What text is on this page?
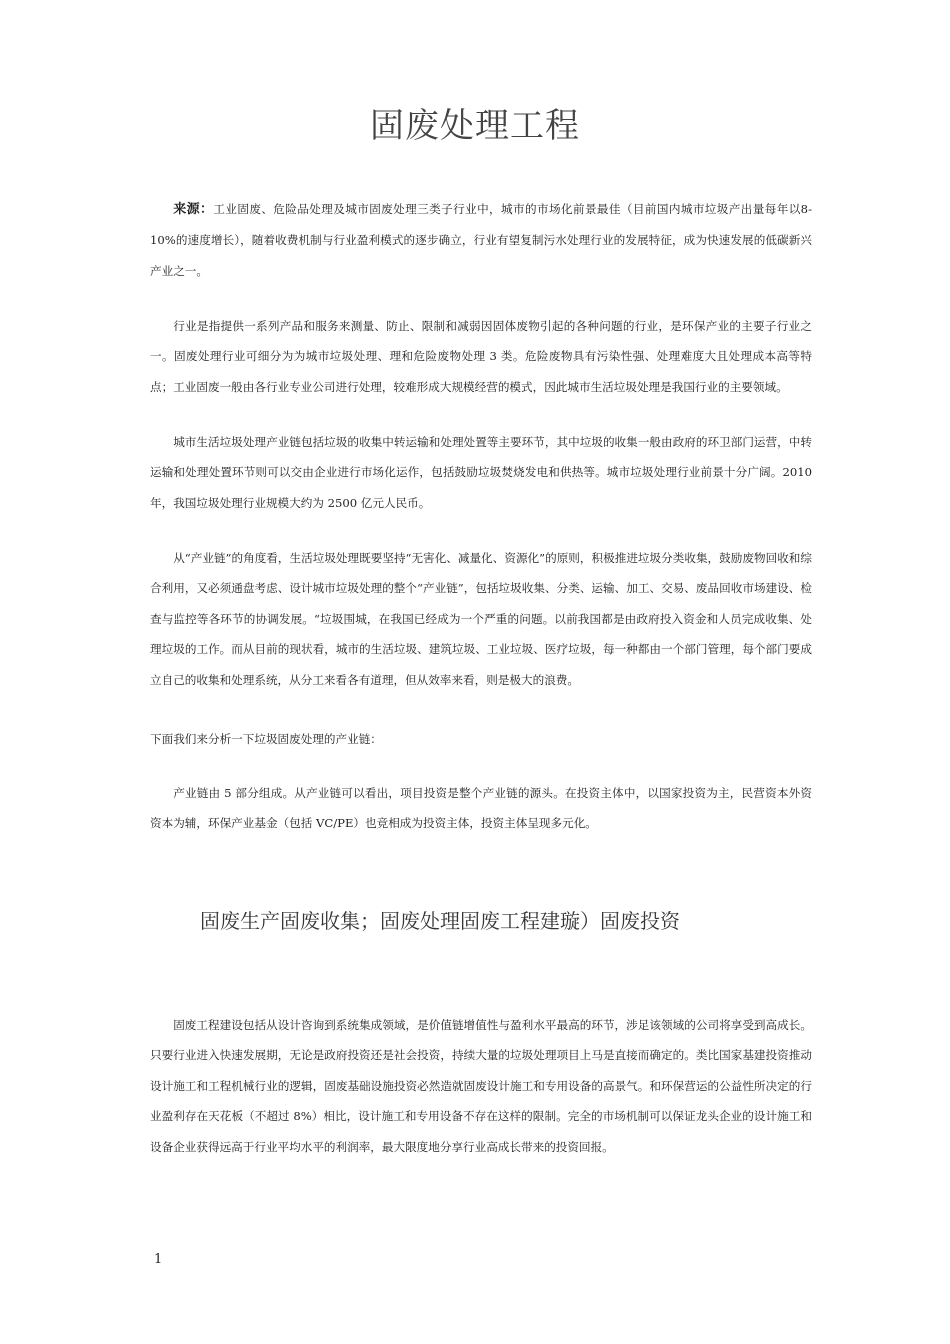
固废处理工程

来源：工业固废、危险品处理及城市固废处理三类子行业中，城市的市场化前景最佳（目前国内城市垃圾产出量每年以8-10%的速度增长），随着收费机制与行业盈利模式的逐步确立，行业有望复制污水处理行业的发展特征，成为快速发展的低碳新兴产业之一。

行业是指提供一系列产品和服务来测量、防止、限制和减弱因固体废物引起的各种问题的行业，是环保产业的主要子行业之一。固废处理行业可细分为为城市垃圾处理、理和危险废物处理 3 类。危险废物具有污染性强、处理难度大且处理成本高等特点；工业固废一般由各行业专业公司进行处理，较难形成大规模经营的模式，因此城市生活垃圾处理是我国行业的主要领域。

城市生活垃圾处理产业链包括垃圾的收集中转运输和处理处置等主要环节，其中垃圾的收集一般由政府的环卫部门运营，中转运输和处理处置环节则可以交由企业进行市场化运作，包括鼓励垃圾焚烧发电和供热等。城市垃圾处理行业前景十分广阔。2010 年，我国垃圾处理行业规模大约为 2500 亿元人民币。

从“产业链”的角度看，生活垃圾处理既要坚持“无害化、减量化、资源化”的原则，积极推进垃圾分类收集，鼓励废物回收和综合利用，又必须通盘考虑、设计城市垃圾处理的整个“产业链”，包括垃圾收集、分类、运输、加工、交易、废品回收市场建设、检查与监控等各环节的协调发展。“垃圾围城，在我国已经成为一个严重的问题。以前我国都是由政府投入资金和人员完成收集、处理垃圾的工作。而从目前的现状看，城市的生活垃圾、建筑垃圾、工业垃圾、医疗垃圾，每一种都由一个部门管理，每个部门要成立自己的收集和处理系统，从分工来看各有道理，但从效率来看，则是极大的浪费。

下面我们来分析一下垃圾固废处理的产业链：

产业链由 5 部分组成。从产业链可以看出，项目投资是整个产业链的源头。在投资主体中，以国家投资为主，民营资本外资资本为辅，环保产业基金（包括 VC/PE）也竞相成为投资主体，投资主体呈现多元化。

固废生产固废收集；固废处理固废工程建璇）固废投资

固废工程建设包括从设计咨询到系统集成领域，是价值链增值性与盈利水平最高的环节，涉足该领域的公司将享受到高成长。只要行业进入快速发展期，无论是政府投资还是社会投资，持续大量的垃圾处理项目上马是直接而确定的。类比国家基建投资推动设计施工和工程机械行业的逻辑，固废基础设施投资必然造就固废设计施工和专用设备的高景气。和环保营运的公益性所决定的行业盈利存在天花板（不超过 8%）相比，设计施工和专用设备不存在这样的限制。完全的市场机制可以保证龙头企业的设计施工和设备企业获得远高于行业平均水平的利润率，最大限度地分享行业高成长带来的投资回报。

1
